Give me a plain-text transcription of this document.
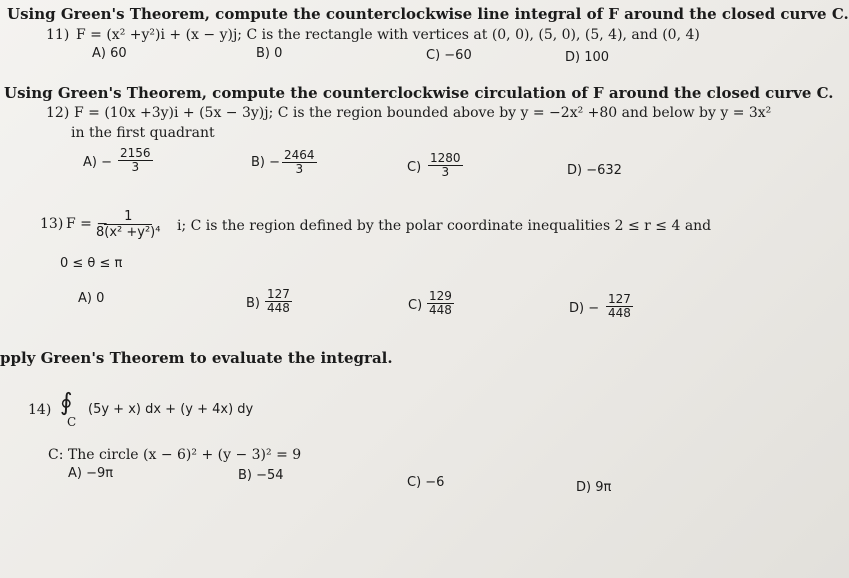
Using Green's Theorem, compute the counterclockwise line integral of F around the closed curve C.
11) F = (x² +y²)i + (x − y)j; C is the rectangle with vertices at (0, 0), (5, 0), (5, 4), and (0, 4)
A) 60	B) 0	C) −60	D) 100
Using Green's Theorem, compute the counterclockwise circulation of F around the closed curve C.
12) F = (10x +3y)i + (5x − 3y)j; C is the region bounded above by y = −2x² +80 and below by y = 3x²
in the first quadrant
$A) - \frac{2156}{3}$	$B) - \frac{2464}{3}$	$C) \frac{1280}{3}$	D) −632
13) F = −
$\frac{1}{\text{8(x² +y²)⁴}} i$; C is the region defined by the polar coordinate inequalities 2 ≤ r ≤ 4 and
0 ≤ θ ≤ π
A) 0	$B) \frac{127}{448}$	$C) \frac{129}{448}$	$D) - \frac{127}{448}$
pply Green's Theorem to evaluate the integral.
14) ∮
C
(5y + x) dx + (y + 4x) dy
C: The circle (x − 6)² + (y − 3)² = 9
A) −9π	B) −54	C) −6	D) 9π
